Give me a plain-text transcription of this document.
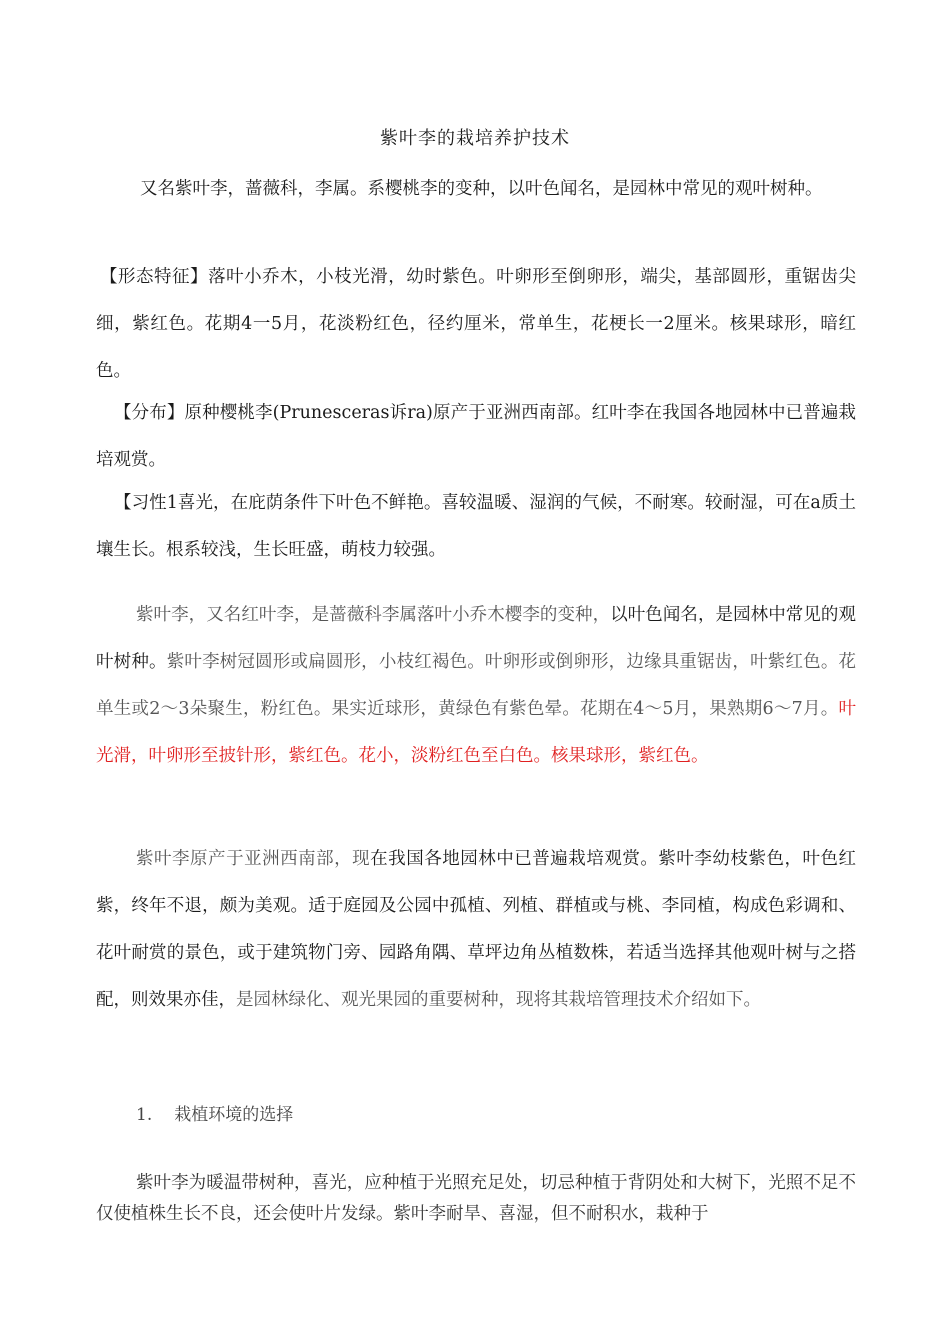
紫叶李的栽培养护技术

又名紫叶李，蔷薇科，李属。系樱桃李的变种，以叶色闻名，是园林中常见的观叶树种。

【形态特征】落叶小乔木，小枝光滑，幼时紫色。叶卵形至倒卵形，端尖，基部圆形，重锯齿尖细，紫红色。花期4一5月，花淡粉红色，径约厘米，常单生，花梗长一2厘米。核果球形，暗红色。

【分布】原种樱桃李(Prunesceras诉ra)原产于亚洲西南部。红叶李在我国各地园林中已普遍栽培观赏。

【习性1喜光，在庇荫条件下叶色不鲜艳。喜较温暖、湿润的气候，不耐寒。较耐湿，可在a质土壤生长。根系较浅，生长旺盛，萌枝力较强。

紫叶李，又名红叶李，是蔷薇科李属落叶小乔木樱李的变种，以叶色闻名，是园林中常见的观叶树种。紫叶李树冠圆形或扁圆形，小枝红褐色。叶卵形或倒卵形，边缘具重锯齿，叶紫红色。花单生或2〜3朵聚生，粉红色。果实近球形，黄绿色有紫色晕。花期在4〜5月，果熟期6〜7月。叶光滑，叶卵形至披针形，紫红色。花小，淡粉红色至白色。核果球形，紫红色。

紫叶李原产于亚洲西南部，现在我国各地园林中已普遍栽培观赏。紫叶李幼枝紫色，叶色红紫，终年不退，颇为美观。适于庭园及公园中孤植、列植、群植或与桃、李同植，构成色彩调和、花叶耐赏的景色，或于建筑物门旁、园路角隅、草坪边角丛植数株，若适当选择其他观叶树与之搭配，则效果亦佳，是园林绿化、观光果园的重要树种，现将其栽培管理技术介绍如下。

1. 栽植环境的选择

紫叶李为暖温带树种，喜光，应种植于光照充足处，切忌种植于背阴处和大树下，光照不足不仅使植株生长不良，还会使叶片发绿。紫叶李耐旱、喜湿，但不耐积水，栽种于
